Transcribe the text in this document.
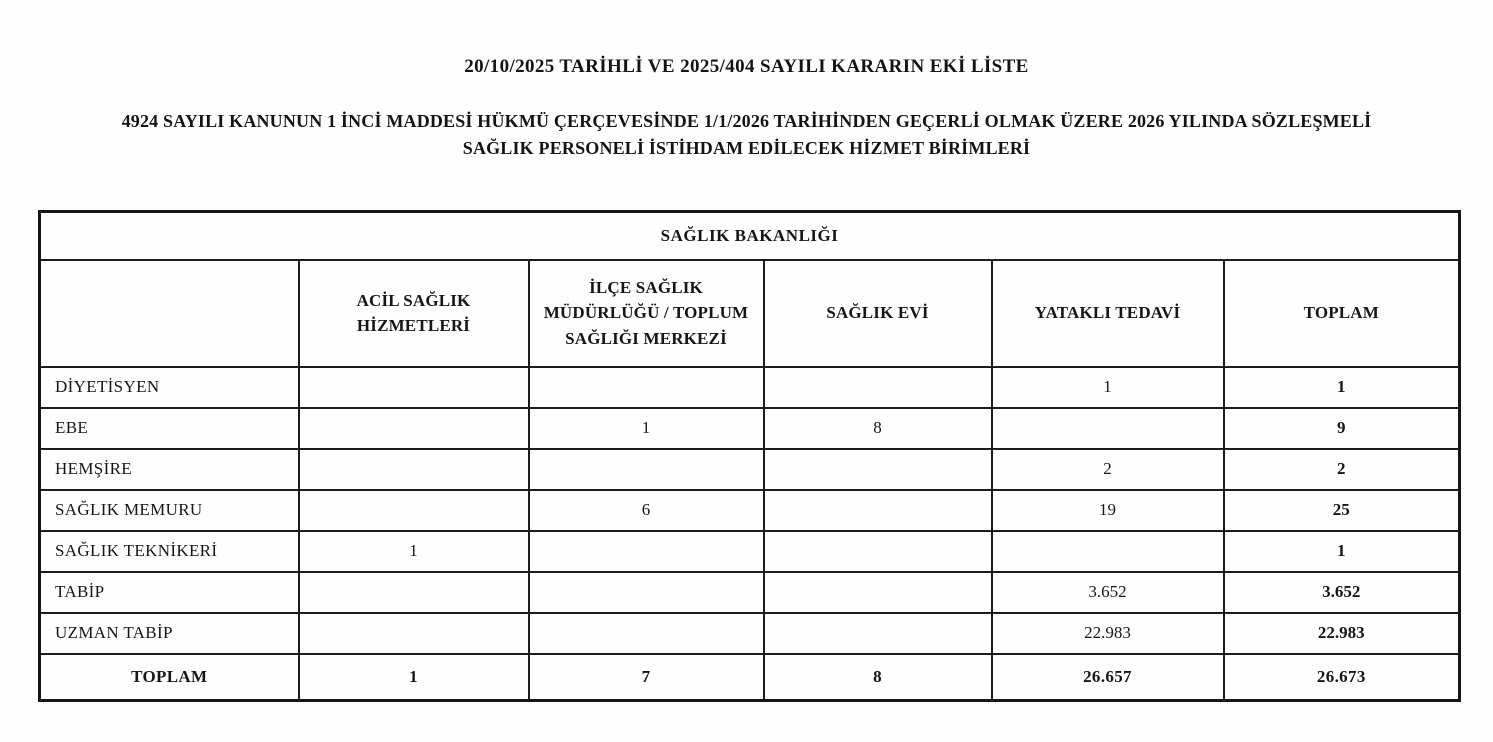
20/10/2025 TARİHLİ VE 2025/404 SAYILI KARARIN EKİ LİSTE
4924 SAYILI KANUNUN 1 İNCİ MADDESİ HÜKMÜ ÇERÇEVESİNDE 1/1/2026 TARİHİNDEN GEÇERLİ OLMAK ÜZERE 2026 YILINDA SÖZLEŞMELİ SAĞLIK PERSONELİ İSTİHDAM EDİLECEK HİZMET BİRİMLERİ
SAĞLIK BAKANLIĞI					
	ACİL SAĞLIK HİZMETLERİ	İLÇE SAĞLIK MÜDÜRLÜĞÜ / TOPLUM SAĞLIĞI MERKEZİ	SAĞLIK EVİ	YATAKLI TEDAVİ	TOPLAM
DİYETİSYEN				1	1
EBE		1	8		9
HEMŞİRE				2	2
SAĞLIK MEMURU		6		19	25
SAĞLIK TEKNİKERİ	1				1
TABİP				3.652	3.652
UZMAN TABİP				22.983	22.983
TOPLAM	1	7	8	26.657	26.673
